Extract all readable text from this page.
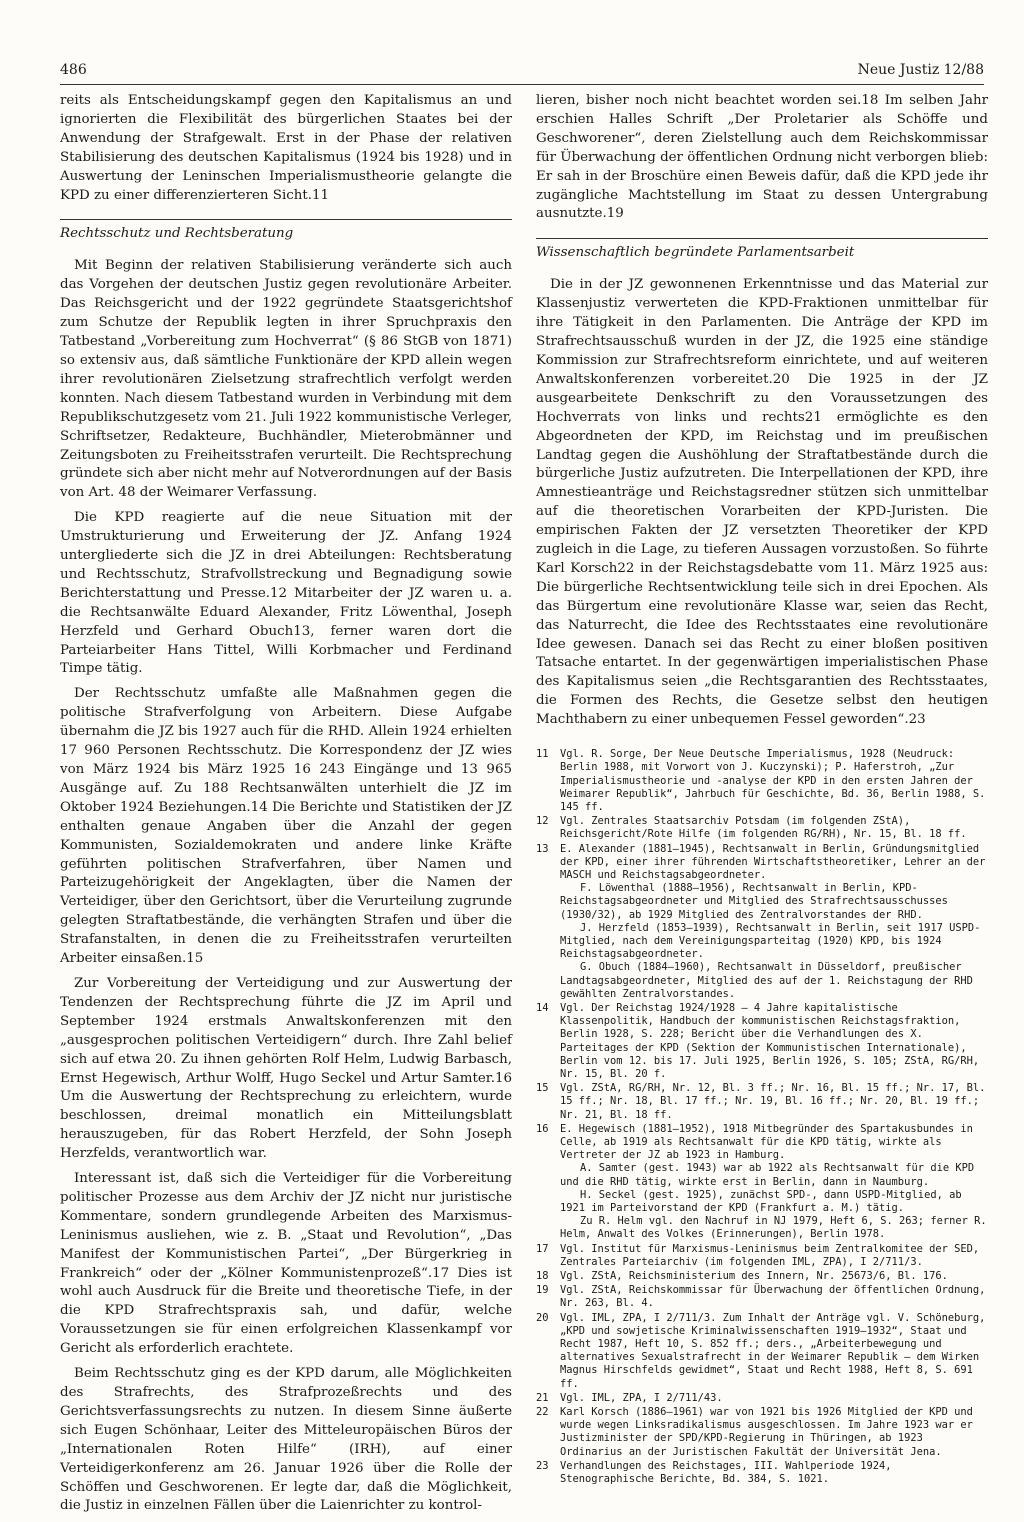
486	Neue Justiz 12/88

reits als Entscheidungskampf gegen den Kapitalismus an und ignorierten die Flexibilität des bürgerlichen Staates bei der Anwendung der Strafgewalt. Erst in der Phase der relativen Stabilisierung des deutschen Kapitalismus (1924 bis 1928) und in Auswertung der Leninschen Imperialismustheorie gelangte die KPD zu einer differenzierteren Sicht.11

Rechtsschutz und Rechtsberatung

Mit Beginn der relativen Stabilisierung veränderte sich auch das Vorgehen der deutschen Justiz gegen revolutionäre Arbeiter. Das Reichsgericht und der 1922 gegründete Staatsgerichtshof zum Schutze der Republik legten in ihrer Spruchpraxis den Tatbestand „Vorbereitung zum Hochverrat“ (§ 86 StGB von 1871) so extensiv aus, daß sämtliche Funktionäre der KPD allein wegen ihrer revolutionären Zielsetzung strafrechtlich verfolgt werden konnten. Nach diesem Tatbestand wurden in Verbindung mit dem Republikschutzgesetz vom 21. Juli 1922 kommunistische Verleger, Schriftsetzer, Redakteure, Buchhändler, Mieterobmänner und Zeitungsboten zu Freiheitsstrafen verurteilt. Die Rechtsprechung gründete sich aber nicht mehr auf Notverordnungen auf der Basis von Art. 48 der Weimarer Verfassung.

Die KPD reagierte auf die neue Situation mit der Umstrukturierung und Erweiterung der JZ. Anfang 1924 untergliederte sich die JZ in drei Abteilungen: Rechtsberatung und Rechtsschutz, Strafvollstreckung und Begnadigung sowie Berichterstattung und Presse.12 Mitarbeiter der JZ waren u. a. die Rechtsanwälte Eduard Alexander, Fritz Löwenthal, Joseph Herzfeld und Gerhard Obuch13, ferner waren dort die Parteiarbeiter Hans Tittel, Willi Korbmacher und Ferdinand Timpe tätig.

Der Rechtsschutz umfaßte alle Maßnahmen gegen die politische Strafverfolgung von Arbeitern. Diese Aufgabe übernahm die JZ bis 1927 auch für die RHD. Allein 1924 erhielten 17 960 Personen Rechtsschutz. Die Korrespondenz der JZ wies von März 1924 bis März 1925 16 243 Eingänge und 13 965 Ausgänge auf. Zu 188 Rechtsanwälten unterhielt die JZ im Oktober 1924 Beziehungen.14 Die Berichte und Statistiken der JZ enthalten genaue Angaben über die Anzahl der gegen Kommunisten, Sozialdemokraten und andere linke Kräfte geführten politischen Strafverfahren, über Namen und Parteizugehörigkeit der Angeklagten, über die Namen der Verteidiger, über den Gerichtsort, über die Verurteilung zugrunde gelegten Straftatbestände, die verhängten Strafen und über die Strafanstalten, in denen die zu Freiheitsstrafen verurteilten Arbeiter einsaßen.15

Zur Vorbereitung der Verteidigung und zur Auswertung der Tendenzen der Rechtsprechung führte die JZ im April und September 1924 erstmals Anwaltskonferenzen mit den „ausgesprochen politischen Verteidigern“ durch. Ihre Zahl belief sich auf etwa 20. Zu ihnen gehörten Rolf Helm, Ludwig Barbasch, Ernst Hegewisch, Arthur Wolff, Hugo Seckel und Artur Samter.16 Um die Auswertung der Rechtsprechung zu erleichtern, wurde beschlossen, dreimal monatlich ein Mitteilungsblatt herauszugeben, für das Robert Herzfeld, der Sohn Joseph Herzfelds, verantwortlich war.

Interessant ist, daß sich die Verteidiger für die Vorbereitung politischer Prozesse aus dem Archiv der JZ nicht nur juristische Kommentare, sondern grundlegende Arbeiten des Marxismus-Leninismus ausliehen, wie z. B. „Staat und Revolution“, „Das Manifest der Kommunistischen Partei“, „Der Bürgerkrieg in Frankreich“ oder der „Kölner Kommunistenprozeß“.17 Dies ist wohl auch Ausdruck für die Breite und theoretische Tiefe, in der die KPD Strafrechtspraxis sah, und dafür, welche Voraussetzungen sie für einen erfolgreichen Klassenkampf vor Gericht als erforderlich erachtete.

Beim Rechtsschutz ging es der KPD darum, alle Möglichkeiten des Strafrechts, des Strafprozeßrechts und des Gerichtsverfassungsrechts zu nutzen. In diesem Sinne äußerte sich Eugen Schönhaar, Leiter des Mitteleuropäischen Büros der „Internationalen Roten Hilfe“ (IRH), auf einer Verteidigerkonferenz am 26. Januar 1926 über die Rolle der Schöffen und Geschworenen. Er legte dar, daß die Möglichkeit, die Justiz in einzelnen Fällen über die Laienrichter zu kontrol-

lieren, bisher noch nicht beachtet worden sei.18 Im selben Jahr erschien Halles Schrift „Der Proletarier als Schöffe und Geschworener“, deren Zielstellung auch dem Reichskommissar für Überwachung der öffentlichen Ordnung nicht verborgen blieb: Er sah in der Broschüre einen Beweis dafür, daß die KPD jede ihr zugängliche Machtstellung im Staat zu dessen Untergrabung ausnutzte.19

Wissenschaftlich begründete Parlamentsarbeit

Die in der JZ gewonnenen Erkenntnisse und das Material zur Klassenjustiz verwerteten die KPD-Fraktionen unmittelbar für ihre Tätigkeit in den Parlamenten. Die Anträge der KPD im Strafrechtsausschuß wurden in der JZ, die 1925 eine ständige Kommission zur Strafrechtsreform einrichtete, und auf weiteren Anwaltskonferenzen vorbereitet.20 Die 1925 in der JZ ausgearbeitete Denkschrift zu den Voraussetzungen des Hochverrats von links und rechts21 ermöglichte es den Abgeordneten der KPD, im Reichstag und im preußischen Landtag gegen die Aushöhlung der Straftatbestände durch die bürgerliche Justiz aufzutreten. Die Interpellationen der KPD, ihre Amnestieanträge und Reichstagsredner stützen sich unmittelbar auf die theoretischen Vorarbeiten der KPD-Juristen. Die empirischen Fakten der JZ versetzten Theoretiker der KPD zugleich in die Lage, zu tieferen Aussagen vorzustoßen. So führte Karl Korsch22 in der Reichstagsdebatte vom 11. März 1925 aus: Die bürgerliche Rechtsentwicklung teile sich in drei Epochen. Als das Bürgertum eine revolutionäre Klasse war, seien das Recht, das Naturrecht, die Idee des Rechtsstaates eine revolutionäre Idee gewesen. Danach sei das Recht zu einer bloßen positiven Tatsache entartet. In der gegenwärtigen imperialistischen Phase des Kapitalismus seien „die Rechtsgarantien des Rechtsstaates, die Formen des Rechts, die Gesetze selbst den heutigen Machthabern zu einer unbequemen Fessel geworden“.23

11	Vgl. R. Sorge, Der Neue Deutsche Imperialismus, 1928 (Neudruck: Berlin 1988, mit Vorwort von J. Kuczynski); P. Haferstroh, „Zur Imperialismustheorie und -analyse der KPD in den ersten Jahren der Weimarer Republik“, Jahrbuch für Geschichte, Bd. 36, Berlin 1988, S. 145 ff.
12	Vgl. Zentrales Staatsarchiv Potsdam (im folgenden ZStA), Reichsgericht/Rote Hilfe (im folgenden RG/RH), Nr. 15, Bl. 18 ff.
13	E. Alexander (1881–1945), Rechtsanwalt in Berlin, Gründungsmitglied der KPD, einer ihrer führenden Wirtschaftstheoretiker, Lehrer an der MASCH und Reichstagsabgeordneter.
F. Löwenthal (1888–1956), Rechtsanwalt in Berlin, KPD-Reichstagsabgeordneter und Mitglied des Strafrechtsausschusses (1930/32), ab 1929 Mitglied des Zentralvorstandes der RHD.
J. Herzfeld (1853–1939), Rechtsanwalt in Berlin, seit 1917 USPD-Mitglied, nach dem Vereinigungsparteitag (1920) KPD, bis 1924 Reichstagsabgeordneter.
G. Obuch (1884–1960), Rechtsanwalt in Düsseldorf, preußischer Landtagsabgeordneter, Mitglied des auf der 1. Reichstagung der RHD gewählten Zentralvorstandes.
14	Vgl. Der Reichstag 1924/1928 – 4 Jahre kapitalistische Klassenpolitik, Handbuch der kommunistischen Reichstagsfraktion, Berlin 1928, S. 228; Bericht über die Verhandlungen des X. Parteitages der KPD (Sektion der Kommunistischen Internationale), Berlin vom 12. bis 17. Juli 1925, Berlin 1926, S. 105; ZStA, RG/RH, Nr. 15, Bl. 20 f.
15	Vgl. ZStA, RG/RH, Nr. 12, Bl. 3 ff.; Nr. 16, Bl. 15 ff.; Nr. 17, Bl. 15 ff.; Nr. 18, Bl. 17 ff.; Nr. 19, Bl. 16 ff.; Nr. 20, Bl. 19 ff.; Nr. 21, Bl. 18 ff.
16	E. Hegewisch (1881–1952), 1918 Mitbegründer des Spartakusbundes in Celle, ab 1919 als Rechtsanwalt für die KPD tätig, wirkte als Vertreter der JZ ab 1923 in Hamburg.
A. Samter (gest. 1943) war ab 1922 als Rechtsanwalt für die KPD und die RHD tätig, wirkte erst in Berlin, dann in Naumburg.
H. Seckel (gest. 1925), zunächst SPD-, dann USPD-Mitglied, ab 1921 im Parteivorstand der KPD (Frankfurt a. M.) tätig.
Zu R. Helm vgl. den Nachruf in NJ 1979, Heft 6, S. 263; ferner R. Helm, Anwalt des Volkes (Erinnerungen), Berlin 1978.
17	Vgl. Institut für Marxismus-Leninismus beim Zentralkomitee der SED, Zentrales Parteiarchiv (im folgenden IML, ZPA), I 2/711/3.
18	Vgl. ZStA, Reichsministerium des Innern, Nr. 25673/6, Bl. 176.
19	Vgl. ZStA, Reichskommissar für Überwachung der öffentlichen Ordnung, Nr. 263, Bl. 4.
20	Vgl. IML, ZPA, I 2/711/3. Zum Inhalt der Anträge vgl. V. Schöneburg, „KPD und sowjetische Kriminalwissenschaften 1919–1932“, Staat und Recht 1987, Heft 10, S. 852 ff.; ders., „Arbeiterbewegung und alternatives Sexualstrafrecht in der Weimarer Republik – dem Wirken Magnus Hirschfelds gewidmet“, Staat und Recht 1988, Heft 8, S. 691 ff.
21	Vgl. IML, ZPA, I 2/711/43.
22	Karl Korsch (1886–1961) war von 1921 bis 1926 Mitglied der KPD und wurde wegen Linksradikalismus ausgeschlossen. Im Jahre 1923 war er Justizminister der SPD/KPD-Regierung in Thüringen, ab 1923 Ordinarius an der Juristischen Fakultät der Universität Jena.
23	Verhandlungen des Reichstages, III. Wahlperiode 1924, Stenographische Berichte, Bd. 384, S. 1021.
